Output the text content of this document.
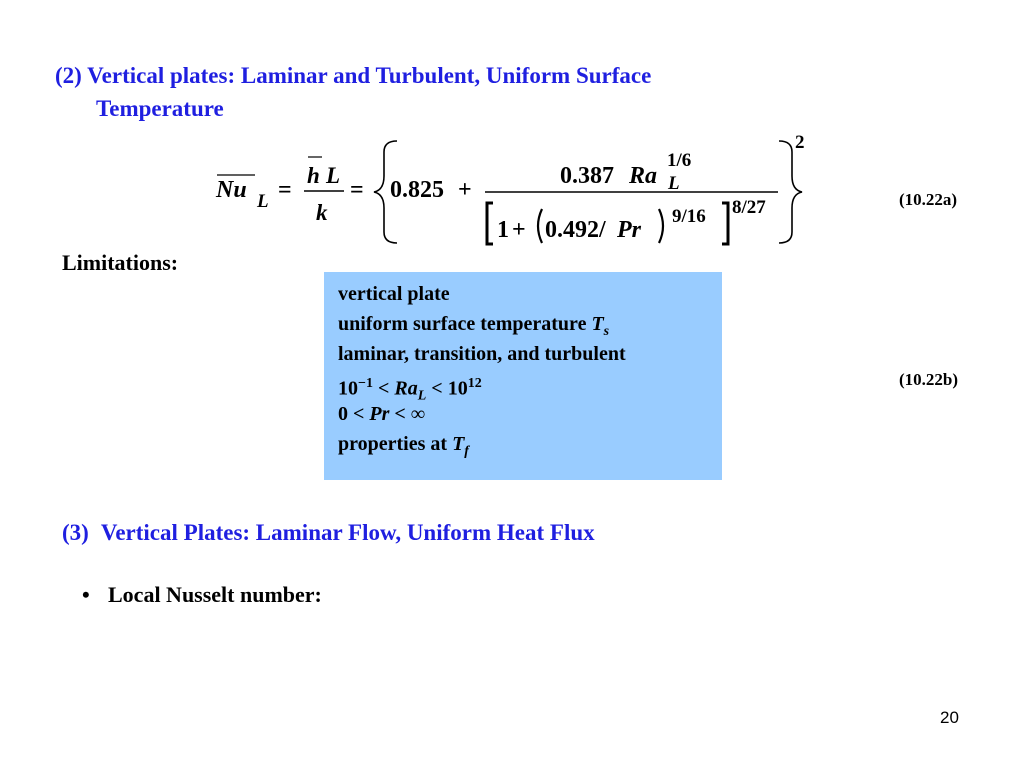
(2) Vertical plates: Laminar and Turbulent, Uniform Surface
Temperature
Nu L =
h L
k
= 0.825 +
0.387 Ra
1/6
L
1 + 0.492/ Pr
9/16 8/27
2
(10.22a)
Limitations:
vertical plate
uniform surface temperature $T_s$
laminar, transition, and turbulent
$10^{-1} < Ra_L < 10^{12}$
0 < Pr < ∞
properties at $T_f$
(10.22b)
(3) Vertical Plates: Laminar Flow, Uniform Heat Flux
• Local Nusselt number:
20
